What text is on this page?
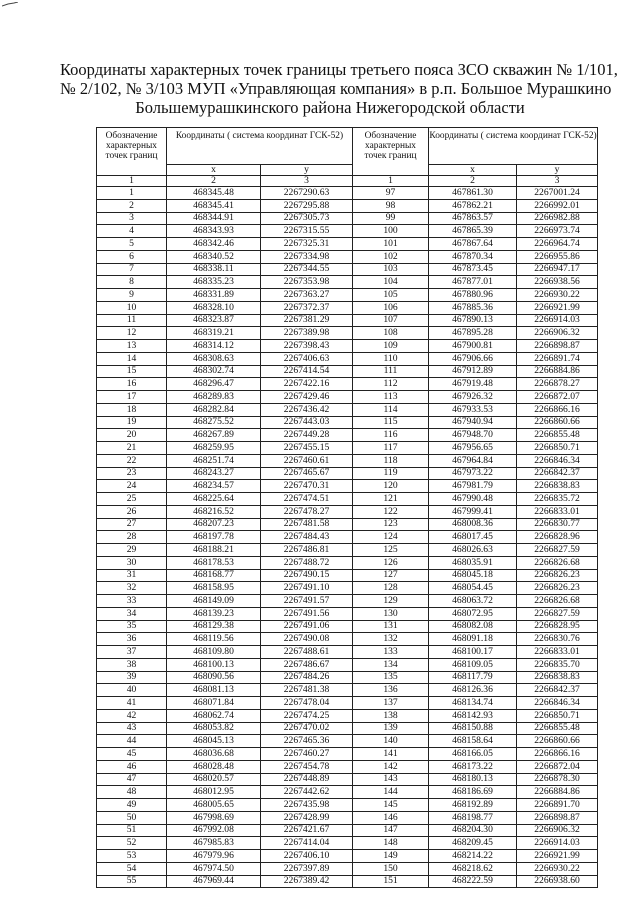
Координаты характерных точек границы третьего пояса ЗСО скважин № 1/101,
№ 2/102, № 3/103 МУП «Управляющая компания» в р.п. Большое Мурашкино
Большемурашкинского района Нижегородской области
Обозначение характерных точек границ	Координаты ( система координат ГСК-52)		Обозначение характерных точек границ	Координаты ( система координат ГСК-52)	
	x	у		x	у
1	2	3	1	2	3
1	468345.48	2267290.63	97	467861.30	2267001.24
2	468345.41	2267295.88	98	467862.21	2266992.01
3	468344.91	2267305.73	99	467863.57	2266982.88
4	468343.93	2267315.55	100	467865.39	2266973.74
5	468342.46	2267325.31	101	467867.64	2266964.74
6	468340.52	2267334.98	102	467870.34	2266955.86
7	468338.11	2267344.55	103	467873.45	2266947.17
8	468335.23	2267353.98	104	467877.01	2266938.56
9	468331.89	2267363.27	105	467880.96	2266930.22
10	468328.10	2267372.37	106	467885.36	2266921.99
11	468323.87	2267381.29	107	467890.13	2266914.03
12	468319.21	2267389.98	108	467895.28	2266906.32
13	468314.12	2267398.43	109	467900.81	2266898.87
14	468308.63	2267406.63	110	467906.66	2266891.74
15	468302.74	2267414.54	111	467912.89	2266884.86
16	468296.47	2267422.16	112	467919.48	2266878.27
17	468289.83	2267429.46	113	467926.32	2266872.07
18	468282.84	2267436.42	114	467933.53	2266866.16
19	468275.52	2267443.03	115	467940.94	2266860.66
20	468267.89	2267449.28	116	467948.70	2266855.48
21	468259.95	2267455.15	117	467956.65	2266850.71
22	468251.74	2267460.61	118	467964.84	2266846.34
23	468243.27	2267465.67	119	467973.22	2266842.37
24	468234.57	2267470.31	120	467981.79	2266838.83
25	468225.64	2267474.51	121	467990.48	2266835.72
26	468216.52	2267478.27	122	467999.41	2266833.01
27	468207.23	2267481.58	123	468008.36	2266830.77
28	468197.78	2267484.43	124	468017.45	2266828.96
29	468188.21	2267486.81	125	468026.63	2266827.59
30	468178.53	2267488.72	126	468035.91	2266826.68
31	468168.77	2267490.15	127	468045.18	2266826.23
32	468158.95	2267491.10	128	468054.45	2266826.23
33	468149.09	2267491.57	129	468063.72	2266826.68
34	468139.23	2267491.56	130	468072.95	2266827.59
35	468129.38	2267491.06	131	468082.08	2266828.95
36	468119.56	2267490.08	132	468091.18	2266830.76
37	468109.80	2267488.61	133	468100.17	2266833.01
38	468100.13	2267486.67	134	468109.05	2266835.70
39	468090.56	2267484.26	135	468117.79	2266838.83
40	468081.13	2267481.38	136	468126.36	2266842.37
41	468071.84	2267478.04	137	468134.74	2266846.34
42	468062.74	2267474.25	138	468142.93	2266850.71
43	468053.82	2267470.02	139	468150.88	2266855.48
44	468045.13	2267465.36	140	468158.64	2266860.66
45	468036.68	2267460.27	141	468166.05	2266866.16
46	468028.48	2267454.78	142	468173.22	2266872.04
47	468020.57	2267448.89	143	468180.13	2266878.30
48	468012.95	2267442.62	144	468186.69	2266884.86
49	468005.65	2267435.98	145	468192.89	2266891.70
50	467998.69	2267428.99	146	468198.77	2266898.87
51	467992.08	2267421.67	147	468204.30	2266906.32
52	467985.83	2267414.04	148	468209.45	2266914.03
53	467979.96	2267406.10	149	468214.22	2266921.99
54	467974.50	2267397.89	150	468218.62	2266930.22
55	467969.44	2267389.42	151	468222.59	2266938.60
